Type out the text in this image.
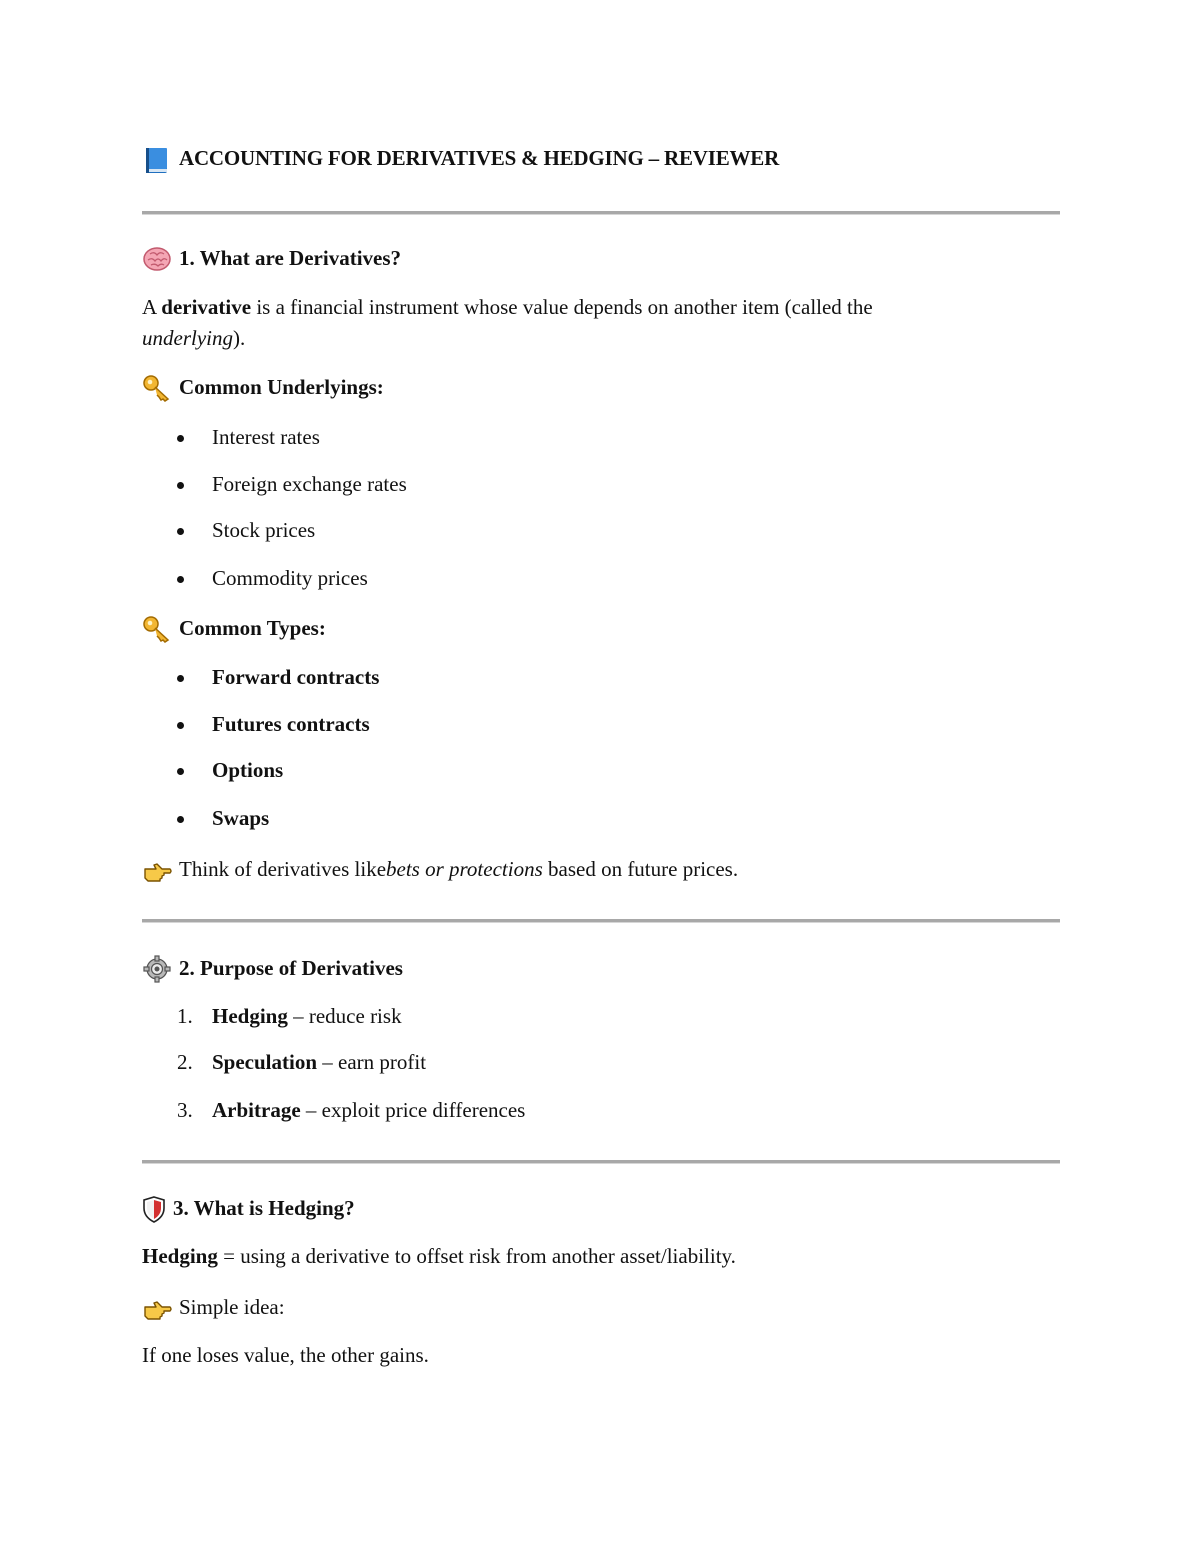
ACCOUNTING FOR DERIVATIVES & HEDGING – REVIEWER
1. What are Derivatives?
A derivative is a financial instrument whose value depends on another item (called the
underlying).
Common Underlyings:
Interest rates
Foreign exchange rates
Stock prices
Commodity prices
Common Types:
Forward contracts
Futures contracts
Options
Swaps
Think of derivatives like bets or protections based on future prices.
2. Purpose of Derivatives
1. Hedging – reduce risk
2. Speculation – earn profit
3. Arbitrage – exploit price differences
3. What is Hedging?
Hedging = using a derivative to offset risk from another asset/liability.
Simple idea:
If one loses value, the other gains.
